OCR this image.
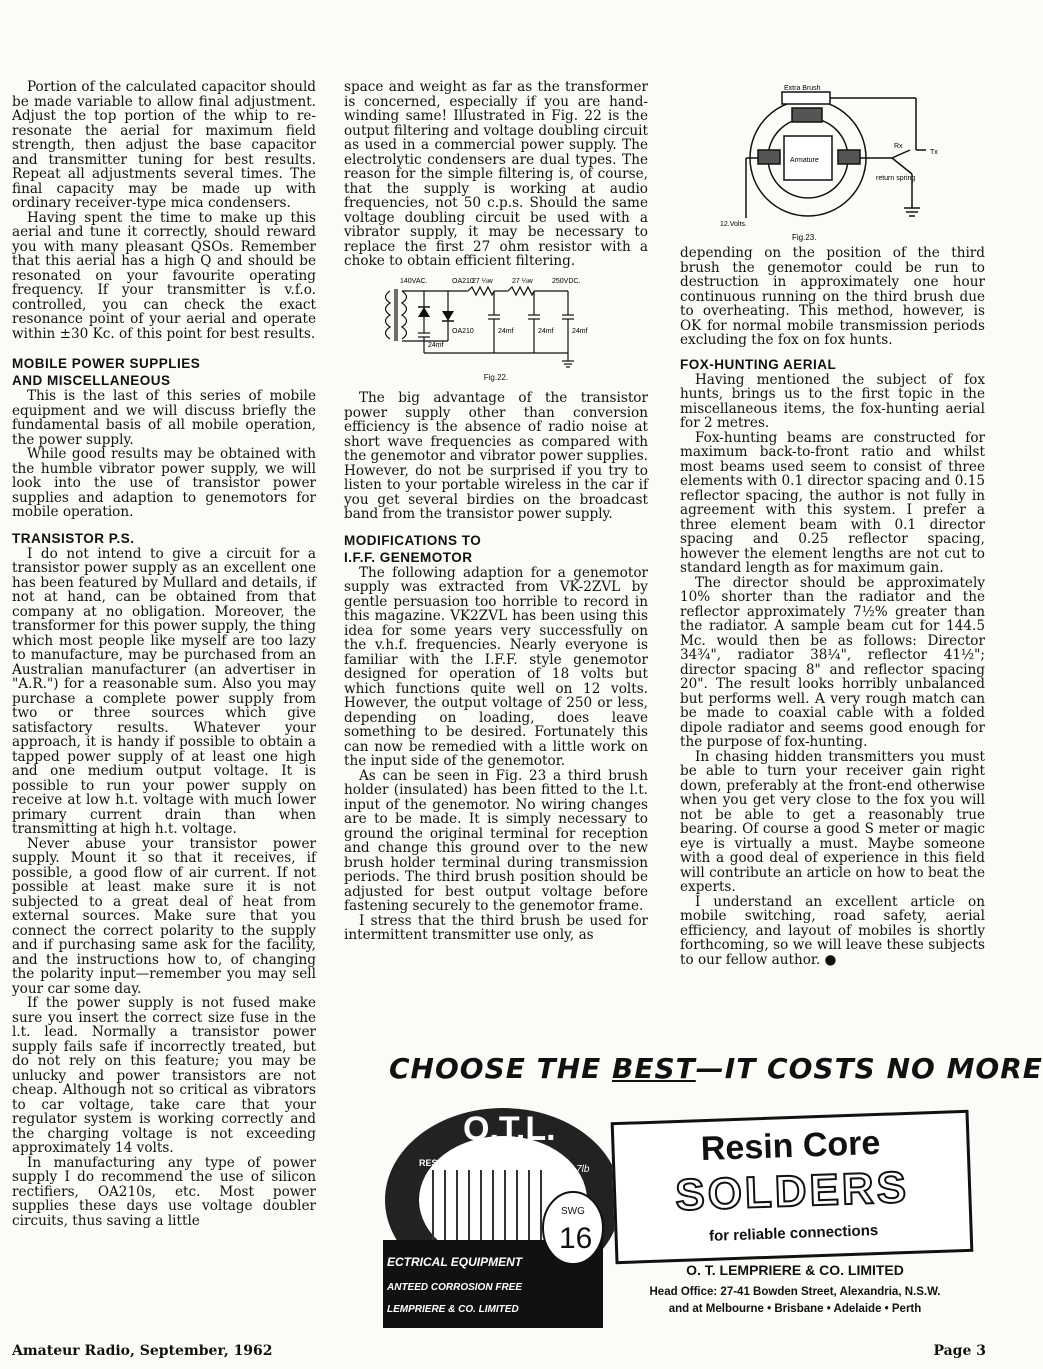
Portion of the calculated capacitor should be made variable to allow final adjustment. Adjust the top portion of the whip to re-resonate the aerial for maximum field strength, then adjust the base capacitor and transmitter tuning for best results. Repeat all adjustments several times. The final capacity may be made up with ordinary receiver-type mica condensers.

Having spent the time to make up this aerial and tune it correctly, should reward you with many pleasant QSOs. Remember that this aerial has a high Q and should be resonated on your favourite operating frequency. If your transmitter is v.f.o. controlled, you can check the exact resonance point of your aerial and operate within ±30 Kc. of this point for best results.

MOBILE POWER SUPPLIES
AND MISCELLANEOUS

This is the last of this series of mobile equipment and we will discuss briefly the fundamental basis of all mobile operation, the power supply.

While good results may be obtained with the humble vibrator power supply, we will look into the use of transistor power supplies and adaption to genemotors for mobile operation.

TRANSISTOR P.S.

I do not intend to give a circuit for a transistor power supply as an excellent one has been featured by Mullard and details, if not at hand, can be obtained from that company at no obligation. Moreover, the transformer for this power supply, the thing which most people like myself are too lazy to manufacture, may be purchased from an Australian manufacturer (an advertiser in "A.R.") for a reasonable sum. Also you may purchase a complete power supply from two or three sources which give satisfactory results. Whatever your approach, it is handy if possible to obtain a tapped power supply of at least one high and one medium output voltage. It is possible to run your power supply on receive at low h.t. voltage with much lower primary current drain than when transmitting at high h.t. voltage.

Never abuse your transistor power supply. Mount it so that it receives, if possible, a good flow of air current. If not possible at least make sure it is not subjected to a great deal of heat from external sources. Make sure that you connect the correct polarity to the supply and if purchasing same ask for the facility, and the instructions how to, of changing the polarity input—remember you may sell your car some day.

If the power supply is not fused make sure you insert the correct size fuse in the l.t. lead. Normally a transistor power supply fails safe if incorrectly treated, but do not rely on this feature; you may be unlucky and power transistors are not cheap. Although not so critical as vibrators to car voltage, take care that your regulator system is working correctly and the charging voltage is not exceeding approximately 14 volts.

In manufacturing any type of power supply I do recommend the use of silicon rectifiers, OA210s, etc. Most power supplies these days use voltage doubler circuits, thus saving a little

space and weight as far as the transformer is concerned, especially if you are hand-winding same! Illustrated in Fig. 22 is the output filtering and voltage doubling circuit as used in a commercial power supply. The electrolytic condensers are dual types. The reason for the simple filtering is, of course, that the supply is working at audio frequencies, not 50 c.p.s. Should the same voltage doubling circuit be used with a vibrator supply, it may be necessary to replace the first 27 ohm resistor with a choke to obtain efficient filtering.

140VAC.	OA210
27 ¼w	27 ¼w	250VDC.
24mf
OA210	24mf	24mf	24mf
Fig.22.

The big advantage of the transistor power supply other than conversion efficiency is the absence of radio noise at short wave frequencies as compared with the genemotor and vibrator power supplies. However, do not be surprised if you try to listen to your portable wireless in the car if you get several birdies on the broadcast band from the transistor power supply.

MODIFICATIONS TO
I.F.F. GENEMOTOR

The following adaption for a genemotor supply was extracted from VK-2ZVL by gentle persuasion too horrible to record in this magazine. VK2ZVL has been using this idea for some years very successfully on the v.h.f. frequencies. Nearly everyone is familiar with the I.F.F. style genemotor designed for operation of 18 volts but which functions quite well on 12 volts. However, the output voltage of 250 or less, depending on loading, does leave something to be desired. Fortunately this can now be remedied with a little work on the input side of the genemotor.

As can be seen in Fig. 23 a third brush holder (insulated) has been fitted to the l.t. input of the genemotor. No wiring changes are to be made. It is simply necessary to ground the original terminal for reception and change this ground over to the new brush holder terminal during transmission periods. The third brush position should be adjusted for best output voltage before fastening securely to the genemotor frame.

I stress that the third brush be used for intermittent transmitter use only, as

Extra Brush
Armature
Rx
Tx
return spring
12.Volts.
Fig.23.

depending on the position of the third brush the genemotor could be run to destruction in approximately one hour continuous running on the third brush due to overheating. This method, however, is OK for normal mobile transmission periods excluding the fox on fox hunts.

FOX-HUNTING AERIAL

Having mentioned the subject of fox hunts, brings us to the first topic in the miscellaneous items, the fox-hunting aerial for 2 metres.

Fox-hunting beams are constructed for maximum back-to-front ratio and whilst most beams used seem to consist of three elements with 0.1 director spacing and 0.15 reflector spacing, the author is not fully in agreement with this system. I prefer a three element beam with 0.1 director spacing and 0.25 reflector spacing, however the element lengths are not cut to standard length as for maximum gain.

The director should be approximately 10% shorter than the radiator and the reflector approximately 7½% greater than the radiator. A sample beam cut for 144.5 Mc. would then be as follows: Director 34¾", radiator 38¼", reflector 41½"; director spacing 8" and reflector spacing 20". The result looks horribly unbalanced but performs well. A very rough match can be made to coaxial cable with a folded dipole radiator and seems good enough for the purpose of fox-hunting.

In chasing hidden transmitters you must be able to turn your receiver gain right down, preferably at the front-end otherwise when you get very close to the fox you will not be able to get a reasonably true bearing. Of course a good S meter or magic eye is virtually a must. Maybe someone with a good deal of experience in this field will contribute an article on how to beat the experts.

I understand an excellent article on mobile switching, road safety, aerial efficiency, and layout of mobiles is shortly forthcoming, so we will leave these subjects to our fellow author. ●

CHOOSE THE BEST—IT COSTS NO MORE
O.T.L.
RESIN CORED SOLDER WIRE
Nett 7lb
SWG
16
ECTRICAL EQUIPMENT
ANTEED CORROSION FREE
LEMPRIERE & CO. LIMITED
Resin Core
SOLDERS
for reliable connections
O. T. LEMPRIERE & CO. LIMITED
Head Office: 27-41 Bowden Street, Alexandria, N.S.W.
and at Melbourne • Brisbane • Adelaide • Perth
Amateur Radio, September, 1962	Page 3
